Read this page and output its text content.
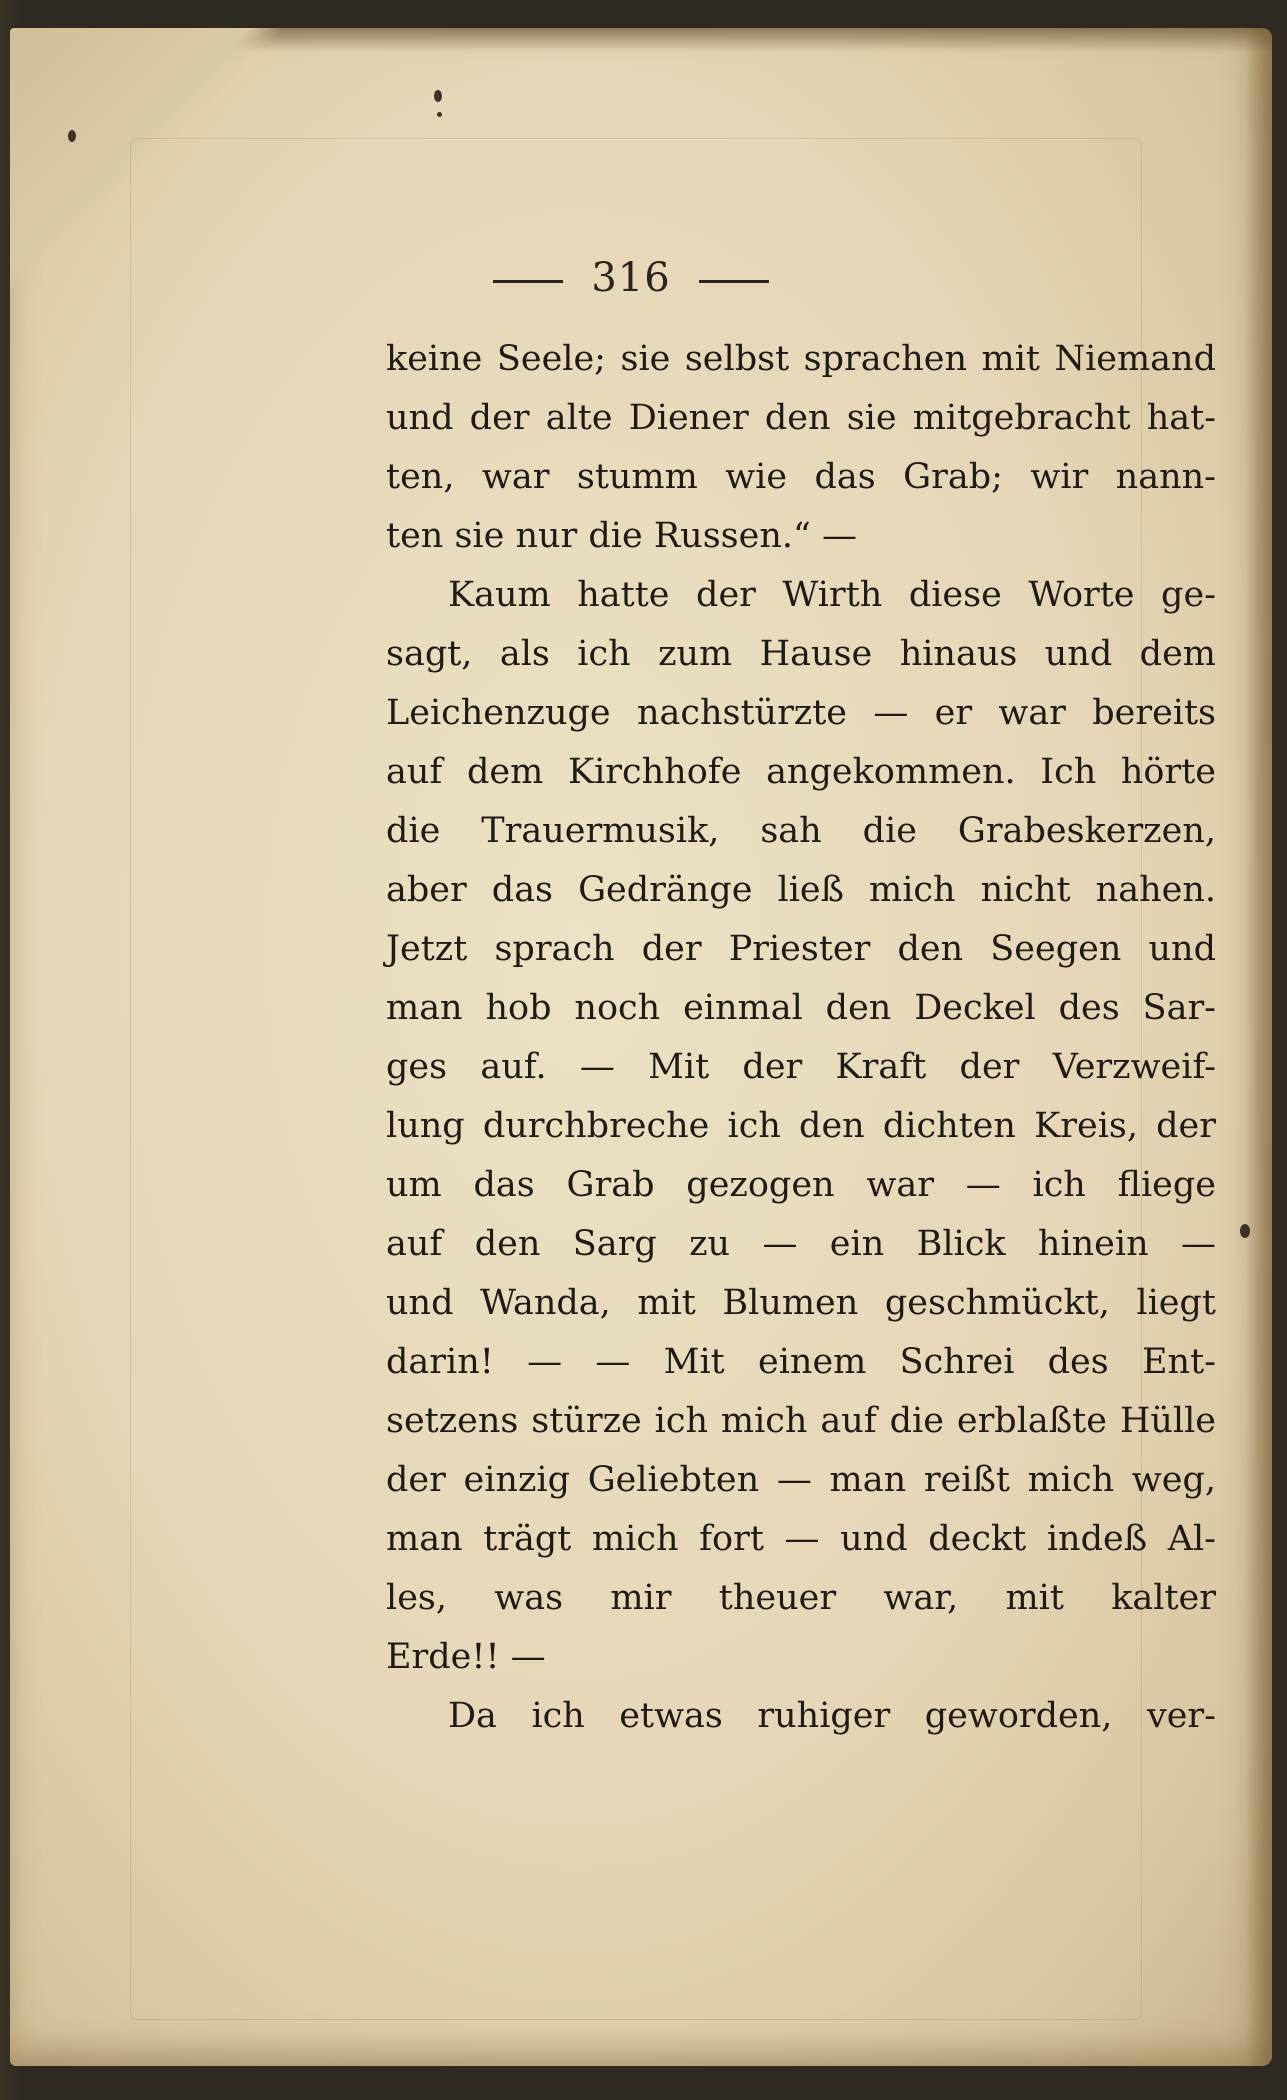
316
keine Seele; sie selbst sprachen mit Niemand
und der alte Diener den sie mitgebracht hat-
ten, war stumm wie das Grab; wir nann-
ten sie nur die Russen.“ —
Kaum hatte der Wirth diese Worte ge-
sagt, als ich zum Hause hinaus und dem
Leichenzuge nachstürzte — er war bereits
auf dem Kirchhofe angekommen. Ich hörte
die Trauermusik, sah die Grabeskerzen,
aber das Gedränge ließ mich nicht nahen.
Jetzt sprach der Priester den Seegen und
man hob noch einmal den Deckel des Sar-
ges auf. — Mit der Kraft der Verzweif-
lung durchbreche ich den dichten Kreis, der
um das Grab gezogen war — ich fliege
auf den Sarg zu — ein Blick hinein —
und Wanda, mit Blumen geschmückt, liegt
darin! — — Mit einem Schrei des Ent-
setzens stürze ich mich auf die erblaßte Hülle
der einzig Geliebten — man reißt mich weg,
man trägt mich fort — und deckt indeß Al-
les, was mir theuer war, mit kalter
Erde!! —
Da ich etwas ruhiger geworden, ver-
